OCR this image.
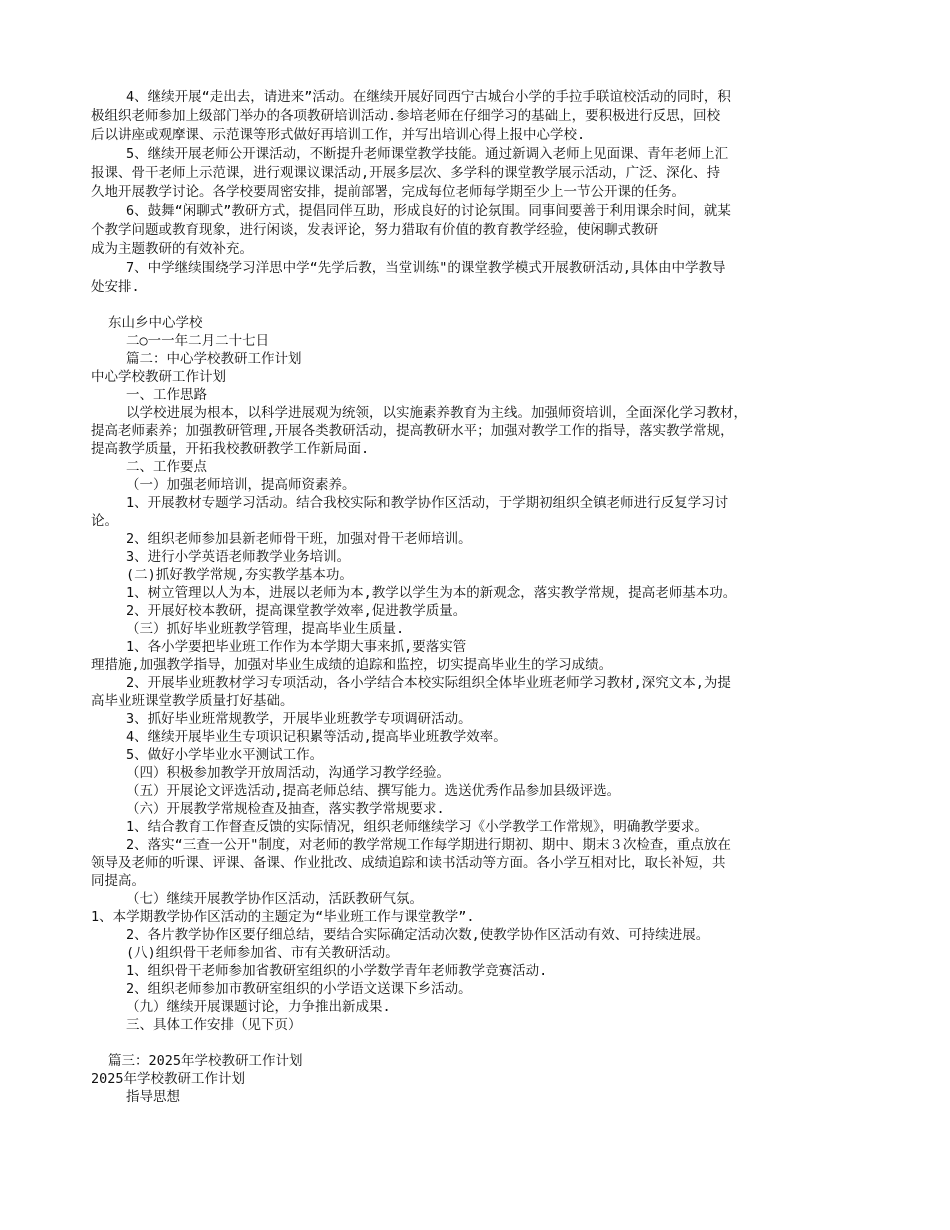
4、继续开展“走出去，请进来”活动。在继续开展好同西宁古城台小学的手拉手联谊校活动的同时，积
极组织老师参加上级部门举办的各项教研培训活动.参培老师在仔细学习的基础上，要积极进行反思，回校
后以讲座或观摩课、示范课等形式做好再培训工作，并写出培训心得上报中心学校.
5、继续开展老师公开课活动，不断提升老师课堂教学技能。通过新调入老师上见面课、青年老师上汇
报课、骨干老师上示范课，进行观课议课活动,开展多层次、多学科的课堂教学展示活动，广泛、深化、持
久地开展教学讨论。各学校要周密安排，提前部署，完成每位老师每学期至少上一节公开课的任务。
6、鼓舞“闲聊式”教研方式，提倡同伴互助，形成良好的讨论氛围。同事间要善于利用课余时间，就某
个教学问题或教育现象，进行闲谈，发表评论，努力猎取有价值的教育教学经验，使闲聊式教研
成为主题教研的有效补充。
7、中学继续围绕学习洋思中学“先学后教，当堂训练"的课堂教学模式开展教研活动,具体由中学教导
处安排.
东山乡中心学校
二○一一年二月二十七日
篇二：中心学校教研工作计划
中心学校教研工作计划
一、工作思路
以学校进展为根本，以科学进展观为统领，以实施素养教育为主线。加强师资培训，全面深化学习教材，
提高老师素养；加强教研管理,开展各类教研活动，提高教研水平；加强对教学工作的指导，落实教学常规，
提高教学质量，开拓我校教研教学工作新局面.
二、工作要点
（一）加强老师培训，提高师资素养。
1、开展教材专题学习活动。结合我校实际和教学协作区活动，于学期初组织全镇老师进行反复学习讨
论。
2、组织老师参加县新老师骨干班，加强对骨干老师培训。
3、进行小学英语老师教学业务培训。
(二)抓好教学常规,夯实教学基本功。
1、树立管理以人为本，进展以老师为本,教学以学生为本的新观念，落实教学常规，提高老师基本功。
2、开展好校本教研，提高课堂教学效率,促进教学质量。
（三）抓好毕业班教学管理，提高毕业生质量.
1、各小学要把毕业班工作作为本学期大事来抓,要落实管
理措施,加强教学指导，加强对毕业生成绩的追踪和监控，切实提高毕业生的学习成绩。
2、开展毕业班教材学习专项活动，各小学结合本校实际组织全体毕业班老师学习教材,深究文本,为提
高毕业班课堂教学质量打好基础。
3、抓好毕业班常规教学，开展毕业班教学专项调研活动。
4、继续开展毕业生专项识记积累等活动,提高毕业班教学效率。
5、做好小学毕业水平测试工作。
（四）积极参加教学开放周活动，沟通学习教学经验。
（五）开展论文评选活动,提高老师总结、撰写能力。选送优秀作品参加县级评选。
（六）开展教学常规检查及抽查，落实教学常规要求.
1、结合教育工作督查反馈的实际情况，组织老师继续学习《小学教学工作常规》，明确教学要求。
2、落实“三查一公开"制度，对老师的教学常规工作每学期进行期初、期中、期末３次检查，重点放在
领导及老师的听课、评课、备课、作业批改、成绩追踪和读书活动等方面。各小学互相对比，取长补短，共
同提高。
（七）继续开展教学协作区活动，活跃教研气氛。
1、本学期教学协作区活动的主题定为“毕业班工作与课堂教学”.
2、各片教学协作区要仔细总结，要结合实际确定活动次数,使教学协作区活动有效、可持续进展。
(八)组织骨干老师参加省、市有关教研活动。
1、组织骨干老师参加省教研室组织的小学数学青年老师教学竞赛活动.
2、组织老师参加市教研室组织的小学语文送课下乡活动。
（九）继续开展课题讨论，力争推出新成果.
三、具体工作安排（见下页）
篇三：2025年学校教研工作计划
2025年学校教研工作计划
指导思想
